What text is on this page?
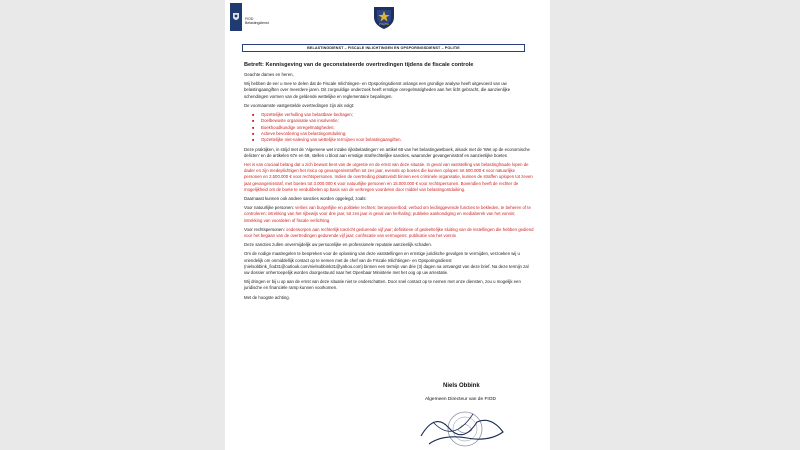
FIOD
Belastingdienst	POLITIE
BELASTINGDIENST – FISCALE INLICHTINGEN EN OPSPORINGSDIENST – POLITIE

Betreft: Kennisgeving van de geconstateerde overtredingen tijdens de fiscale controle

Geachte dames en heren,

Wij hebben de eer u mee te delen dat de Fiscale Inlichtingen- en Opsporingsdienst onlangs een grondige analyse heeft uitgevoerd van uw belastingaangiften over meerdere jaren. Dit zorgvuldige onderzoek heeft ernstige onregelmatigheden aan het licht gebracht, die aanzienlijke schendingen vormen van de geldende wettelijke en reglementaire bepalingen.

De voornaamste vastgestelde overtredingen zijn als volgt:

■ Opzettelijke verhulling van belastbare bedragen;
■ Doelbewuste organisatie van insolventie;
■ Boekhoudkundige onregelmatigheden;
■ Actieve bevordering van belastingontduiking;
■ Opzettelijke niet-naleving van wettelijke termijnen voor belastingaangiften.

Deze praktijken, in strijd met de 'Algemene wet inzake rijksbelastingen' en artikel 68 van het belastingwetboek, alsook met de 'Wet op de economische delicten' en de artikelen 67e en 69, stellen u bloot aan ernstige strafrechtelijke sancties, waaronder gevangenisstraf en aanzienlijke boetes

Het is van cruciaal belang dat u zich bewust bent van de urgentie en de ernst van deze situatie. In geval van vaststelling van belastingfraude lopen de dader en zijn medeplichtigen het risico op gevangenisstraffen tot zes jaar, evenals op boetes die kunnen oplopen tot 500.000 € voor natuurlijke personen en 2.500.000 € voor rechtspersonen. Indien de overtreding plaatsvindt binnen een criminele organisatie, kunnen de straffen oplopen tot zeven jaar gevangenisstraf, met boetes tot 3.000.000 € voor natuurlijke personen en 15.000.000 € voor rechtspersonen. Bovendien heeft de rechter de mogelijkheid om de boete te verdubbelen op basis van de verkregen voordelen door middel van belastingontduiking.

Daarnaast kunnen ook andere sancties worden opgelegd, zoals:

Voor natuurlijke personen: verlies van burgerlijke en politieke rechten; beroepsverbod; verbod om leidinggevende functies te bekleden, te beheren of te controleren; intrekking van het rijbewijs voor drie jaar, tot zes jaar in geval van herhaling; publieke aankondiging en mediaberek van het vonnis; intrekking van voordelen of fiscale verlichting.

Voor rechtspersonen: onderworpen aan rechterlijk toezicht gedurende vijf jaar; definitieve of gedeeltelijke sluiting van de instellingen die hebben gediend voor het begaan van de overtredingen gedurende vijf jaar; confiscatie van vermogens; publicatie van het vonnis

Deze sancties zullen onvermijdelijk uw persoonlijke en professionele reputatie aanzienlijk schaden.

Om de nodige maatregelen te bespreken voor de oplossing van deze vaststellingen en ernstige juridische gevolgen te vermijden, verzoeken wij u vriendelijk om onmiddellijk contact op te nemen met de chef van de Fiscale Inlichtingen- en Opsporingsdienst (nielsobbink_fiod31@outlook.com/nielsobbink31@yahoo.com) binnen een termijn van drie (3) dagen na ontvangst van deze brief. Na deze termijn zal uw dossier onherroepelijk worden doorgestuurd naar het Openbaar Ministerie met het oog op uw arrestatie.

Wij dringen er bij u op aan de ernst van deze situatie niet te onderschatten. Door snel contact op te nemen met onze diensten, zou u mogelijk een juridische en financiële ramp kunnen voorkomen.

Met de hoogste achting.

Niels Obbink
Algemeen Directeur van de FIOD
